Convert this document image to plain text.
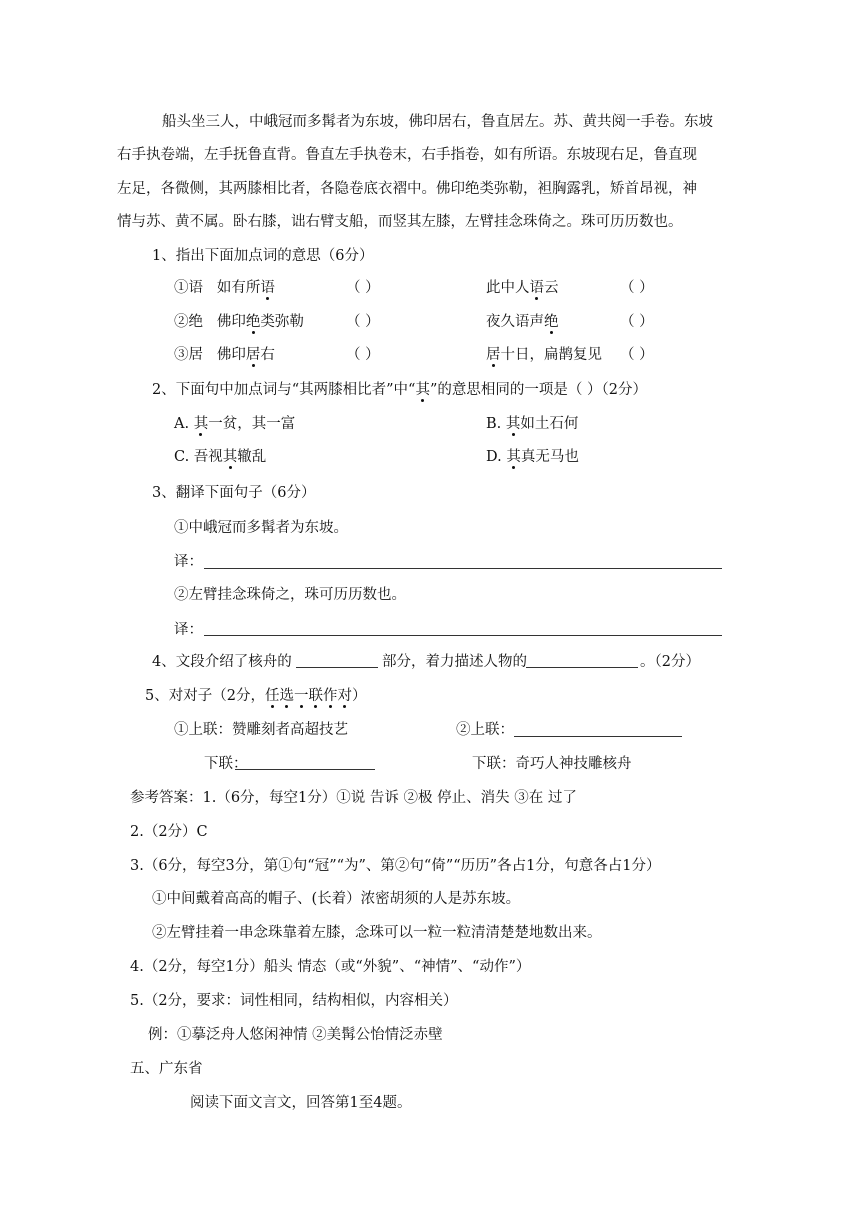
船头坐三人，中峨冠而多髯者为东坡，佛印居右，鲁直居左。苏、黄共阅一手卷。东坡
右手执卷端，左手抚鲁直背。鲁直左手执卷末，右手指卷，如有所语。东坡现右足，鲁直现
左足，各微侧，其两膝相比者，各隐卷底衣褶中。佛印绝类弥勒，袒胸露乳，矫首昂视，神
情与苏、黄不属。卧右膝，诎右臂支船，而竖其左膝，左臂挂念珠倚之。珠可历历数也。
1、指出下面加点词的意思（6分）
①语 如有所语	（ ）	此中人语云	（ ）
②绝 佛印绝类弥勒	（ ）	夜久语声绝	（ ）
③居 佛印居右	（ ）	居十日，扁鹊复见 （ ）
2、下面句中加点词与“其两膝相比者”中“其”的意思相同的一项是（ ）（2分）
A. 其一贫，其一富	B. 其如土石何
C. 吾视其辙乱	D. 其真无马也
3、翻译下面句子（6分）
①中峨冠而多髯者为东坡。
译：
②左臂挂念珠倚之，珠可历历数也。
译：
4、文段介绍了核舟的	部分，着力描述人物的	。（2分）
5、对对子（2分，任选一联作对）
①上联：赞雕刻者高超技艺	②上联：
下联：	下联：奇巧人神技雕核舟
参考答案：1.（6分，每空1分）①说 告诉 ②极 停止、消失 ③在 过了
2.（2分）C
3.（6分，每空3分，第①句“冠”“为”、第②句“倚”“历历”各占1分，句意各占1分）
①中间戴着高高的帽子、(长着）浓密胡须的人是苏东坡。
②左臂挂着一串念珠靠着左膝，念珠可以一粒一粒清清楚楚地数出来。
4.（2分，每空1分）船头 情态（或“外貌”、“神情”、“动作”）
5.（2分，要求：词性相同，结构相似，内容相关）
例：①摹泛舟人悠闲神情 ②美髯公怡情泛赤壁
五、广东省
阅读下面文言文，回答第1至4题。
